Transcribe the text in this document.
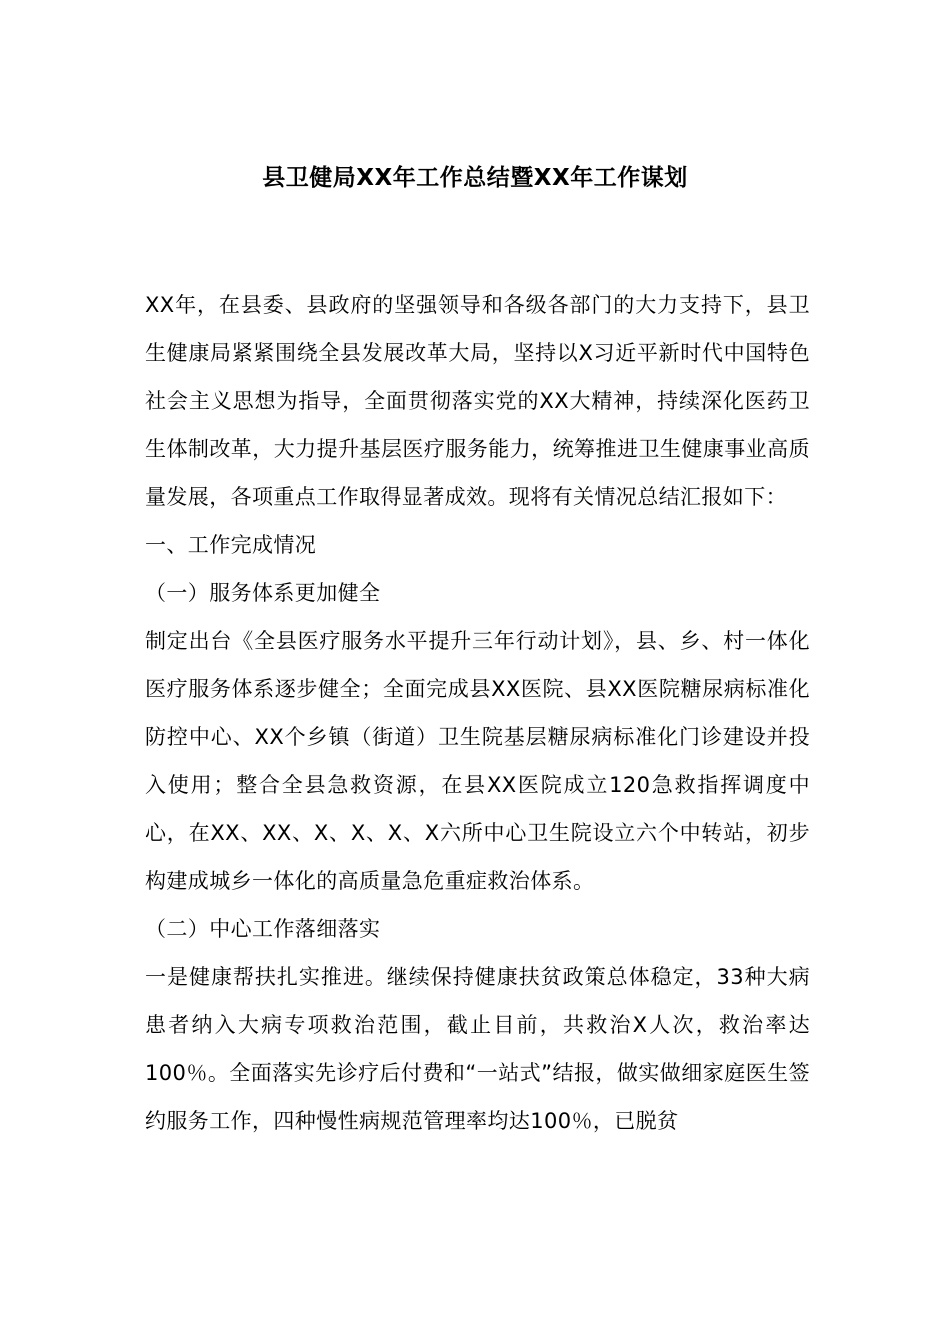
县卫健局XX年工作总结暨XX年工作谋划

XX年，在县委、县政府的坚强领导和各级各部门的大力支持下，县卫生健康局紧紧围绕全县发展改革大局，坚持以X习近平新时代中国特色社会主义思想为指导，全面贯彻落实党的XX大精神，持续深化医药卫生体制改革，大力提升基层医疗服务能力，统筹推进卫生健康事业高质量发展，各项重点工作取得显著成效。现将有关情况总结汇报如下：

一、工作完成情况

（一）服务体系更加健全

制定出台《全县医疗服务水平提升三年行动计划》，县、乡、村一体化医疗服务体系逐步健全；全面完成县XX医院、县XX医院糖尿病标准化防控中心、XX个乡镇（街道）卫生院基层糖尿病标准化门诊建设并投入使用；整合全县急救资源，在县XX医院成立120急救指挥调度中心，在XX、XX、X、X、X、X六所中心卫生院设立六个中转站，初步构建成城乡一体化的高质量急危重症救治体系。

（二）中心工作落细落实

一是健康帮扶扎实推进。继续保持健康扶贫政策总体稳定，33种大病患者纳入大病专项救治范围，截止目前，共救治X人次，救治率达100％。全面落实先诊疗后付费和“一站式”结报，做实做细家庭医生签约服务工作，四种慢性病规范管理率均达100％，已脱贫
